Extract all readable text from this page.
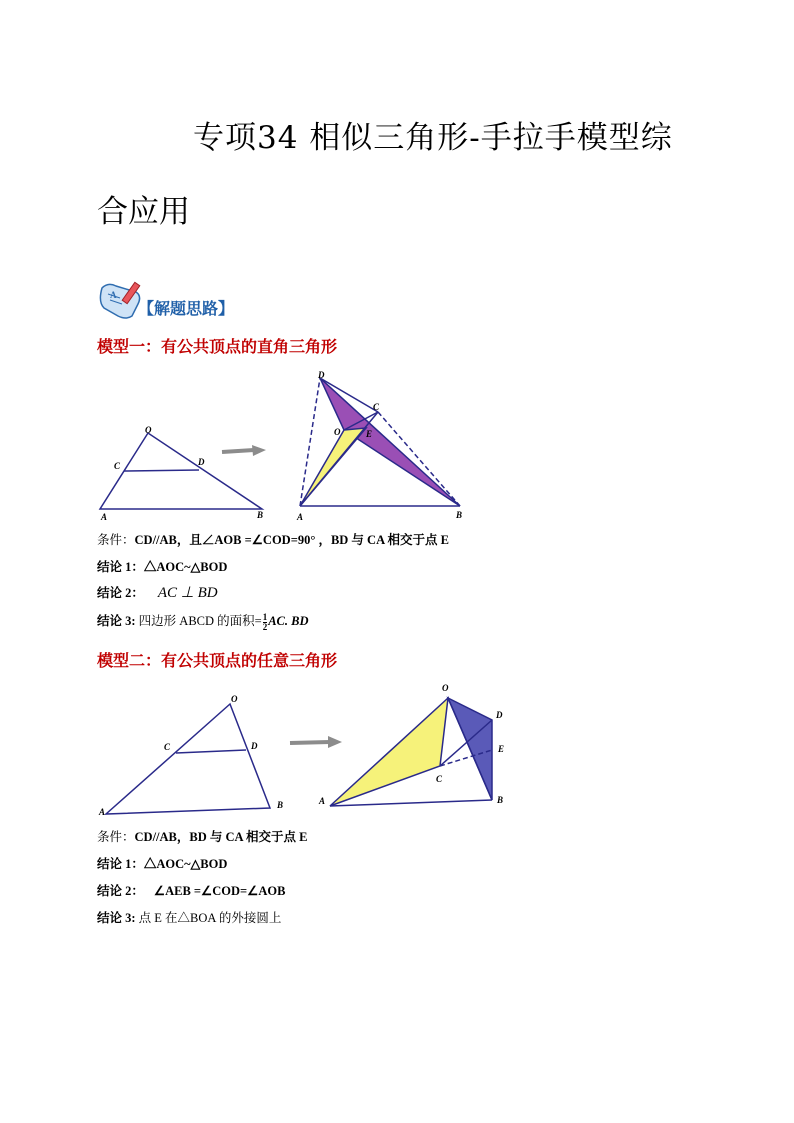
专项34 相似三角形-手拉手模型综
合应用
A
【解题思路】
模型一：有公共顶点的直角三角形
O
C	D
A	B
D
C
O	E
A	B
条件：CD//AB，且∠AOB =∠COD=90° ，BD 与 CA 相交于点 E
结论 1：△AOC~△BOD
结论 2： AC ⊥ BD
结论 3: 四边形 ABCD 的面积= $\frac{1}{2}$ AC. BD
模型二：有公共顶点的任意三角形
O
C	D
A
B
O
D
E
C
A	B
条件：CD//AB，BD 与 CA 相交于点 E
结论 1：△AOC~△BOD
结论 2： ∠AEB =∠COD=∠AOB
结论 3: 点 E 在△BOA 的外接圆上
